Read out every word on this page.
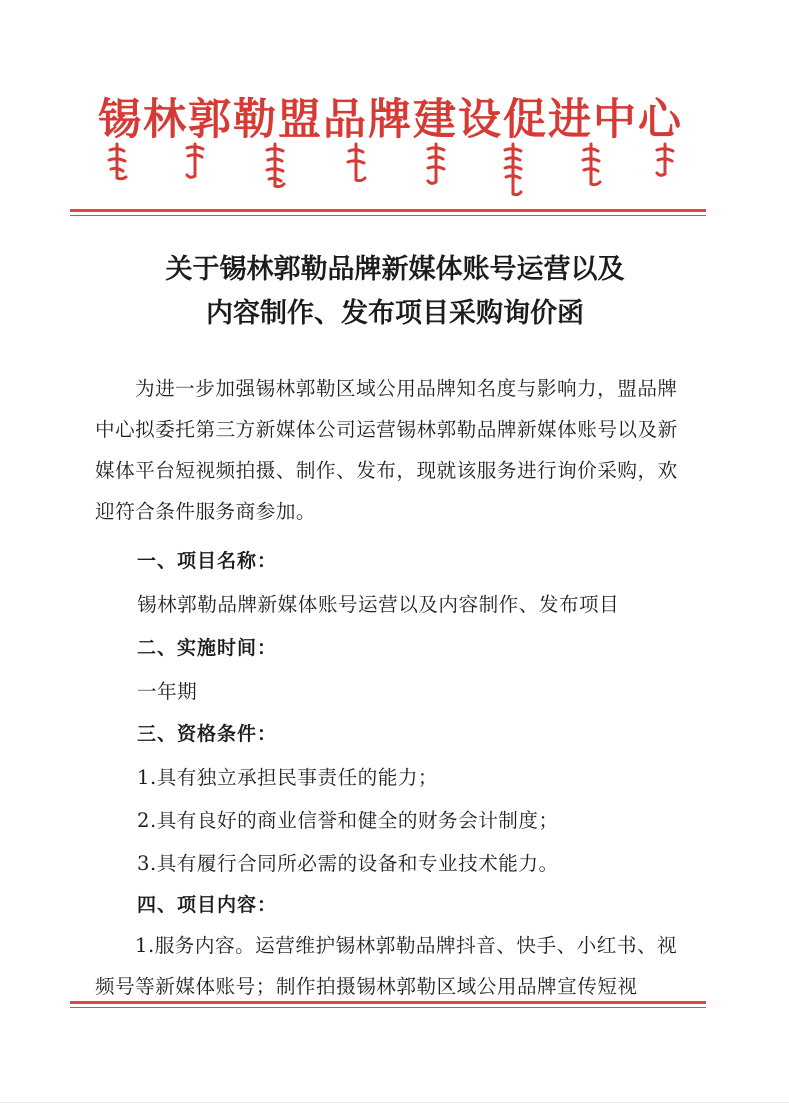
锡林郭勒盟品牌建设促进中心
关于锡林郭勒品牌新媒体账号运营以及
内容制作、发布项目采购询价函
为进一步加强锡林郭勒区域公用品牌知名度与影响力，盟品牌中心拟委托第三方新媒体公司运营锡林郭勒品牌新媒体账号以及新媒体平台短视频拍摄、制作、发布，现就该服务进行询价采购，欢迎符合条件服务商参加。
一、项目名称：
锡林郭勒品牌新媒体账号运营以及内容制作、发布项目
二、实施时间：
一年期
三、资格条件：
1.具有独立承担民事责任的能力；
2.具有良好的商业信誉和健全的财务会计制度；
3.具有履行合同所必需的设备和专业技术能力。
四、项目内容：
1.服务内容。运营维护锡林郭勒品牌抖音、快手、小红书、视频号等新媒体账号；制作拍摄锡林郭勒区域公用品牌宣传短视
